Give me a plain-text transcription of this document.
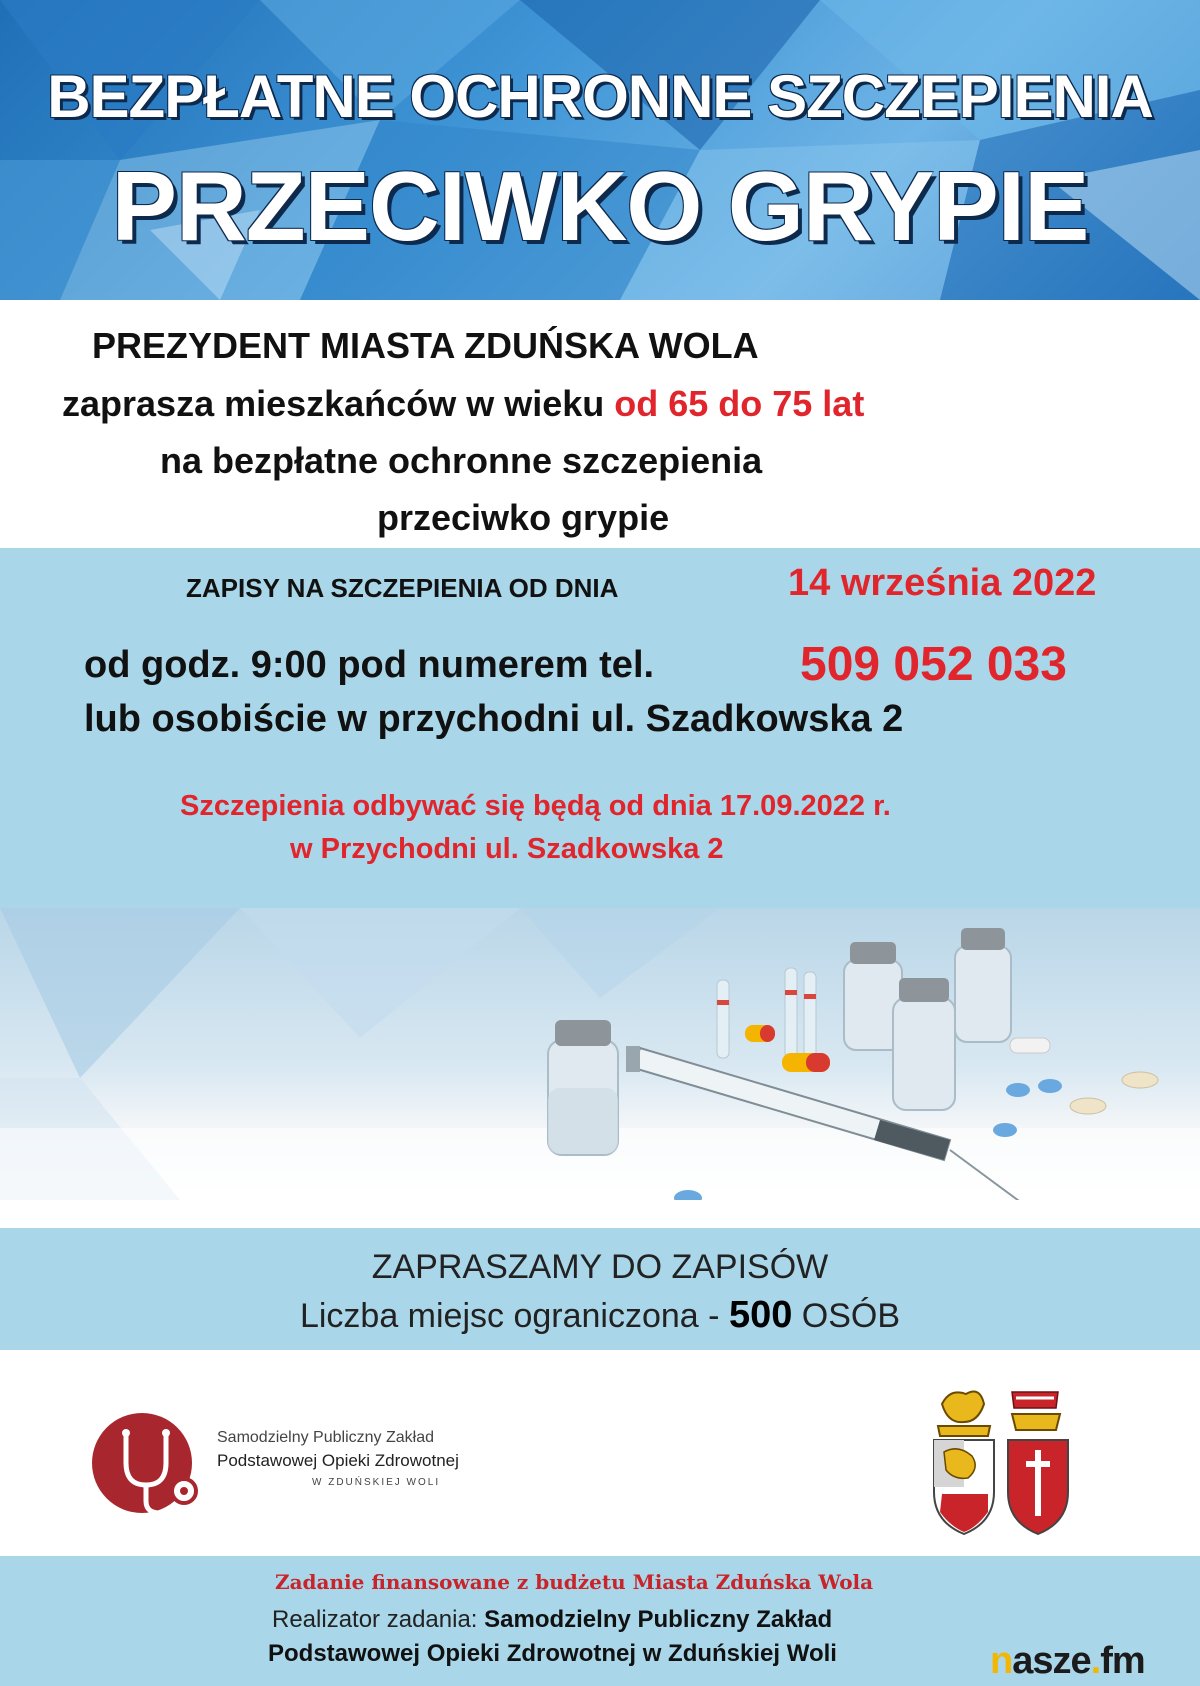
BEZPŁATNE OCHRONNE SZCZEPIENIA
PRZECIWKO GRYPIE
PREZYDENT MIASTA ZDUŃSKA WOLA
zaprasza mieszkańców w wieku od 65 do 75 lat
na bezpłatne ochronne szczepienia
przeciwko grypie
ZAPISY NA SZCZEPIENIA OD DNIA	14 września 2022
od godz. 9:00 pod numerem tel.	509 052 033
lub osobiście w przychodni ul. Szadkowska 2
Szczepienia odbywać się będą od dnia 17.09.2022 r.
w Przychodni ul. Szadkowska 2
ZAPRASZAMY DO ZAPISÓW
Liczba miejsc ograniczona - 500 OSÓB
Samodzielny Publiczny Zakład
Podstawowej Opieki Zdrowotnej
W ZDUŃSKIEJ WOLI
Zadanie finansowane z budżetu Miasta Zduńska Wola
Realizator zadania: Samodzielny Publiczny Zakład
Podstawowej Opieki Zdrowotnej w Zduńskiej Woli	nasze.fm
